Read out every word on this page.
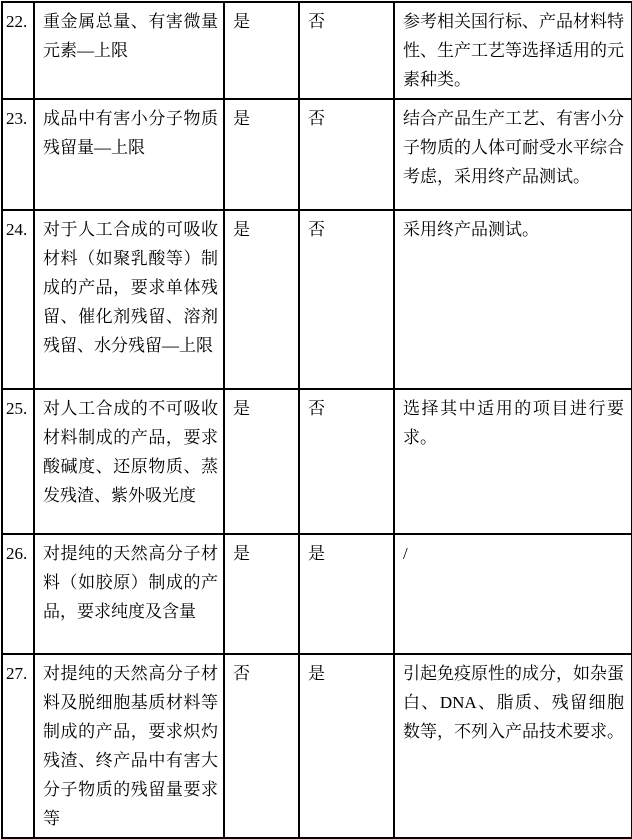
22.	重金属总量、有害微量元素—上限	是	否	参考相关国行标、产品材料特性、生产工艺等选择适用的元素种类。
23.	成品中有害小分子物质残留量—上限	是	否	结合产品生产工艺、有害小分子物质的人体可耐受水平综合考虑，采用终产品测试。
24.	对于人工合成的可吸收材料（如聚乳酸等）制成的产品，要求单体残留、催化剂残留、溶剂残留、水分残留—上限	是	否	采用终产品测试。
25.	对人工合成的不可吸收材料制成的产品，要求酸碱度、还原物质、蒸发残渣、紫外吸光度	是	否	选择其中适用的项目进行要求。
26.	对提纯的天然高分子材料（如胶原）制成的产品，要求纯度及含量	是	是	/
27.	对提纯的天然高分子材料及脱细胞基质材料等制成的产品，要求炽灼残渣、终产品中有害大分子物质的残留量要求等	否	是	引起免疫原性的成分，如杂蛋白、DNA、脂质、残留细胞数等，不列入产品技术要求。
